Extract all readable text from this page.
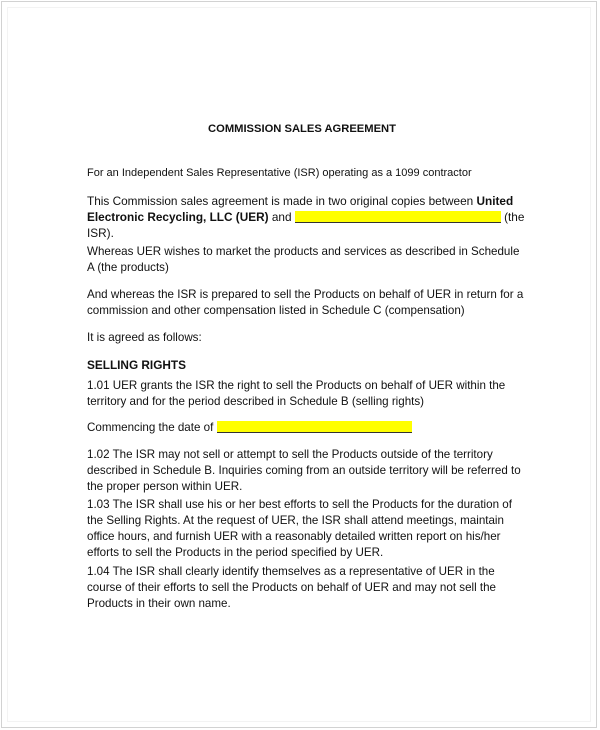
COMMISSION SALES AGREEMENT

For an Independent Sales Representative (ISR) operating as a 1099 contractor

This Commission sales agreement is made in two original copies between United Electronic Recycling, LLC (UER) and	(the ISR).

Whereas UER wishes to market the products and services as described in Schedule A (the products)

And whereas the ISR is prepared to sell the Products on behalf of UER in return for a commission and other compensation listed in Schedule C (compensation)

It is agreed as follows:

SELLING RIGHTS

1.01 UER grants the ISR the right to sell the Products on behalf of UER within the territory and for the period described in Schedule B (selling rights)

Commencing the date of

1.02 The ISR may not sell or attempt to sell the Products outside of the territory described in Schedule B. Inquiries coming from an outside territory will be referred to the proper person within UER.

1.03 The ISR shall use his or her best efforts to sell the Products for the duration of the Selling Rights. At the request of UER, the ISR shall attend meetings, maintain office hours, and furnish UER with a reasonably detailed written report on his/her efforts to sell the Products in the period specified by UER.

1.04 The ISR shall clearly identify themselves as a representative of UER in the course of their efforts to sell the Products on behalf of UER and may not sell the Products in their own name.
